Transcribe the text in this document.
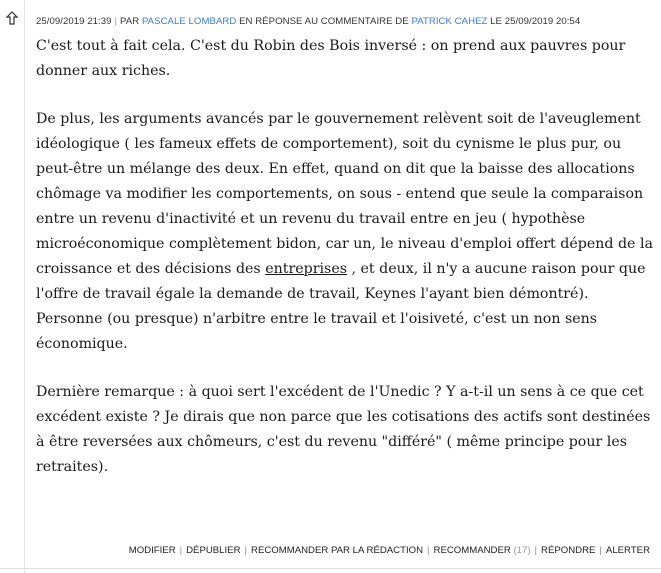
25/09/2019 21:39 | PAR PASCALE LOMBARD EN RÉPONSE AU COMMENTAIRE DE PATRICK CAHEZ LE 25/09/2019 20:54

C'est tout à fait cela. C'est du Robin des Bois inversé : on prend aux pauvres pour donner aux riches.

De plus, les arguments avancés par le gouvernement relèvent soit de l'aveuglement idéologique ( les fameux effets de comportement), soit du cynisme le plus pur, ou peut-être un mélange des deux. En effet, quand on dit que la baisse des allocations chômage va modifier les comportements, on sous - entend que seule la comparaison entre un revenu d'inactivité et un revenu du travail entre en jeu ( hypothèse microéconomique complètement bidon, car un, le niveau d'emploi offert dépend de la croissance et des décisions des entreprises , et deux, il n'y a aucune raison pour que l'offre de travail égale la demande de travail, Keynes l'ayant bien démontré). Personne (ou presque) n'arbitre entre le travail et l'oisiveté, c'est un non sens économique.

Dernière remarque : à quoi sert l'excédent de l'Unedic ? Y a-t-il un sens à ce que cet excédent existe ? Je dirais que non parce que les cotisations des actifs sont destinées à être reversées aux chômeurs, c'est du revenu "différé" ( même principe pour les retraites).

MODIFIER | DÉPUBLIER | RECOMMANDER PAR LA RÉDACTION | RECOMMANDER (17) | RÉPONDRE | ALERTER
